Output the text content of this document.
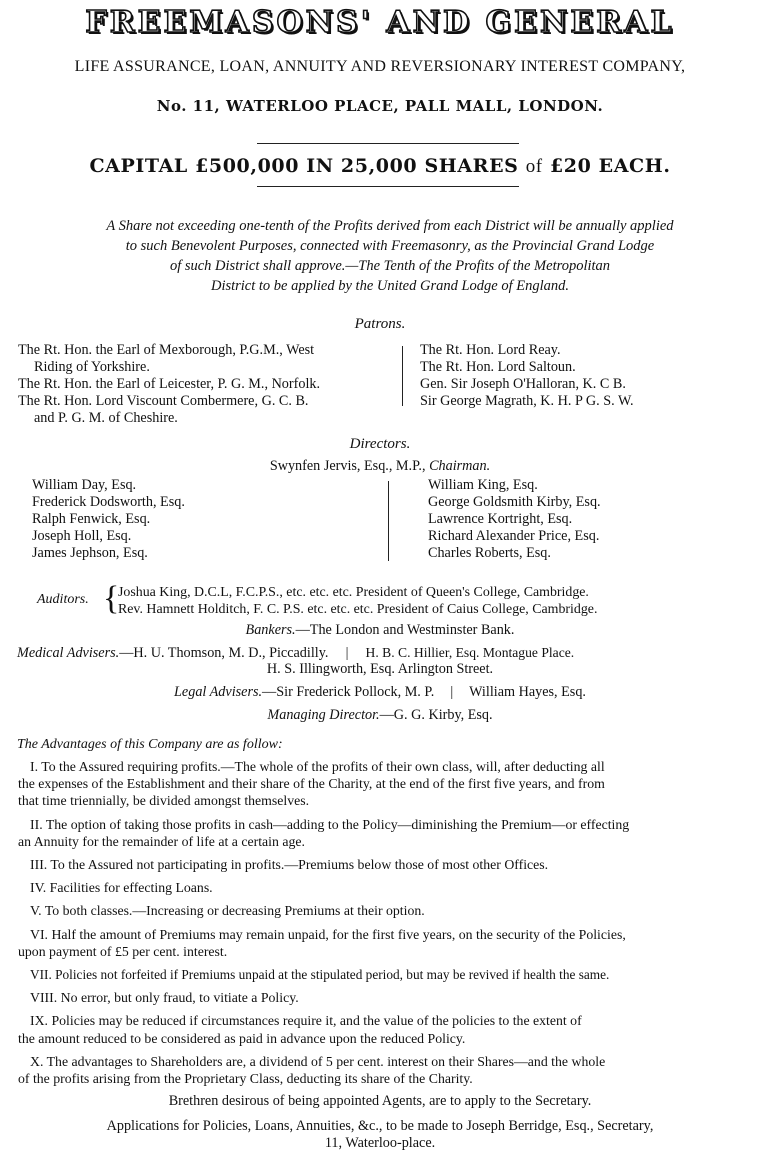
FREEMASONS' AND GENERAL
LIFE ASSURANCE, LOAN, ANNUITY AND REVERSIONARY INTEREST COMPANY,
No. 11, WATERLOO PLACE, PALL MALL, LONDON.
CAPITAL £500,000 IN 25,000 SHARES of £20 EACH.
A Share not exceeding one-tenth of the Profits derived from each District will be annually applied
to such Benevolent Purposes, connected with Freemasonry, as the Provincial Grand Lodge
of such District shall approve.—The Tenth of the Profits of the Metropolitan
District to be applied by the United Grand Lodge of England.
Patrons.
The Rt. Hon. the Earl of Mexborough, P.G.M., West
Riding of Yorkshire.
The Rt. Hon. the Earl of Leicester, P. G. M., Norfolk.
The Rt. Hon. Lord Viscount Combermere, G. C. B.
and P. G. M. of Cheshire.
The Rt. Hon. Lord Reay.
The Rt. Hon. Lord Saltoun.
Gen. Sir Joseph O'Halloran, K. C B.
Sir George Magrath, K. H. P G. S. W.
Directors.
Swynfen Jervis, Esq., M.P., Chairman.
William Day, Esq.
Frederick Dodsworth, Esq.
Ralph Fenwick, Esq.
Joseph Holl, Esq.
James Jephson, Esq.
William King, Esq.
George Goldsmith Kirby, Esq.
Lawrence Kortright, Esq.
Richard Alexander Price, Esq.
Charles Roberts, Esq.
Auditors. {
Joshua King, D.C.L, F.C.P.S., etc. etc. etc. President of Queen's College, Cambridge.
Rev. Hamnett Holditch, F. C. P.S. etc. etc. etc. President of Caius College, Cambridge.
Bankers.—The London and Westminster Bank.
Medical Advisers.—H. U. Thomson, M. D., Piccadilly. | H. B. C. Hillier, Esq. Montague Place.
H. S. Illingworth, Esq. Arlington Street.
Legal Advisers.—Sir Frederick Pollock, M. P. | William Hayes, Esq.
Managing Director.—G. G. Kirby, Esq.
The Advantages of this Company are as follow:
I. To the Assured requiring profits.—The whole of the profits of their own class, will, after deducting all
the expenses of the Establishment and their share of the Charity, at the end of the first five years, and from
that time triennially, be divided amongst themselves.
II. The option of taking those profits in cash—adding to the Policy—diminishing the Premium—or effecting
an Annuity for the remainder of life at a certain age.
III. To the Assured not participating in profits.—Premiums below those of most other Offices.
IV. Facilities for effecting Loans.
V. To both classes.—Increasing or decreasing Premiums at their option.
VI. Half the amount of Premiums may remain unpaid, for the first five years, on the security of the Policies,
upon payment of £5 per cent. interest.
VII. Policies not forfeited if Premiums unpaid at the stipulated period, but may be revived if health the same.
VIII. No error, but only fraud, to vitiate a Policy.
IX. Policies may be reduced if circumstances require it, and the value of the policies to the extent of
the amount reduced to be considered as paid in advance upon the reduced Policy.
X. The advantages to Shareholders are, a dividend of 5 per cent. interest on their Shares—and the whole
of the profits arising from the Proprietary Class, deducting its share of the Charity.
Brethren desirous of being appointed Agents, are to apply to the Secretary.
Applications for Policies, Loans, Annuities, &c., to be made to Joseph Berridge, Esq., Secretary,
11, Waterloo-place.
